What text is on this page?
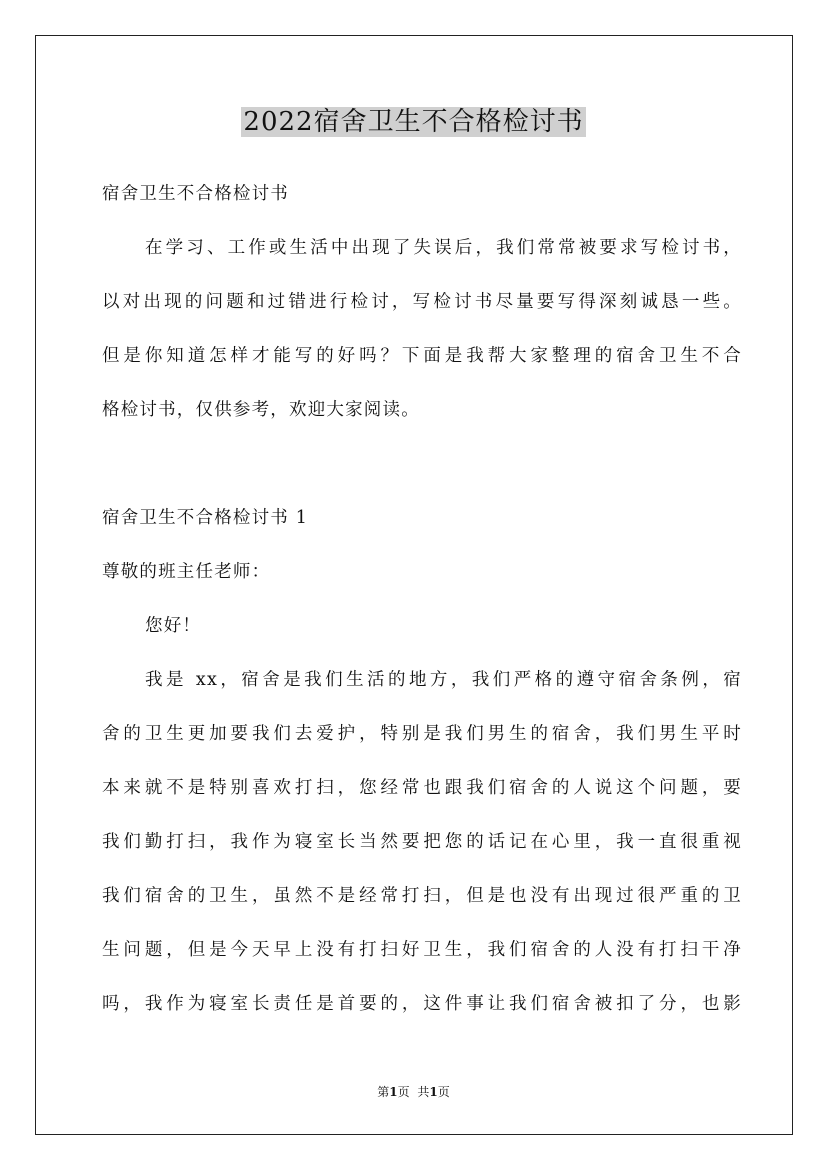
2022宿舍卫生不合格检讨书
宿舍卫生不合格检讨书
在学习、工作或生活中出现了失误后，我们常常被要求写检讨书，
以对出现的问题和过错进行检讨，写检讨书尽量要写得深刻诚恳一些。
但是你知道怎样才能写的好吗？下面是我帮大家整理的宿舍卫生不合
格检讨书，仅供参考，欢迎大家阅读。
宿舍卫生不合格检讨书 1
尊敬的班主任老师：
您好！
我是 xx，宿舍是我们生活的地方，我们严格的遵守宿舍条例，宿
舍的卫生更加要我们去爱护，特别是我们男生的宿舍，我们男生平时
本来就不是特别喜欢打扫，您经常也跟我们宿舍的人说这个问题，要
我们勤打扫，我作为寝室长当然要把您的话记在心里，我一直很重视
我们宿舍的卫生，虽然不是经常打扫，但是也没有出现过很严重的卫
生问题，但是今天早上没有打扫好卫生，我们宿舍的人没有打扫干净
吗，我作为寝室长责任是首要的，这件事让我们宿舍被扣了分，也影
第1页 共1页
